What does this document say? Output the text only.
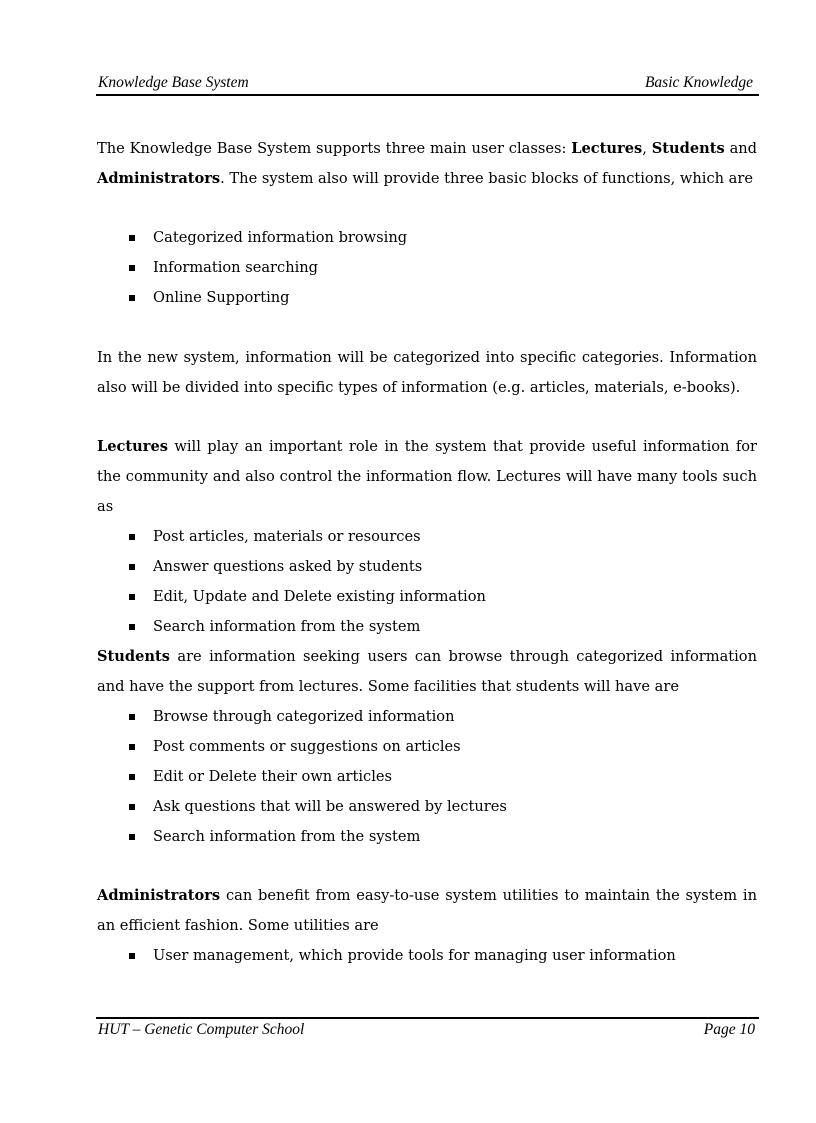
Knowledge Base System	Basic Knowledge

The Knowledge Base System supports three main user classes: Lectures, Students and Administrators. The system also will provide three basic blocks of functions, which are

Categorized information browsing
Information searching
Online Supporting

In the new system, information will be categorized into specific categories. Information also will be divided into specific types of information (e.g. articles, materials, e-books).

Lectures will play an important role in the system that provide useful information for the community and also control the information flow. Lectures will have many tools such as

Post articles, materials or resources
Answer questions asked by students
Edit, Update and Delete existing information
Search information from the system

Students are information seeking users can browse through categorized information and have the support from lectures. Some facilities that students will have are

Browse through categorized information
Post comments or suggestions on articles
Edit or Delete their own articles
Ask questions that will be answered by lectures
Search information from the system

Administrators can benefit from easy-to-use system utilities to maintain the system in an efficient fashion. Some utilities are

User management, which provide tools for managing user information
HUT – Genetic Computer School	Page 10
